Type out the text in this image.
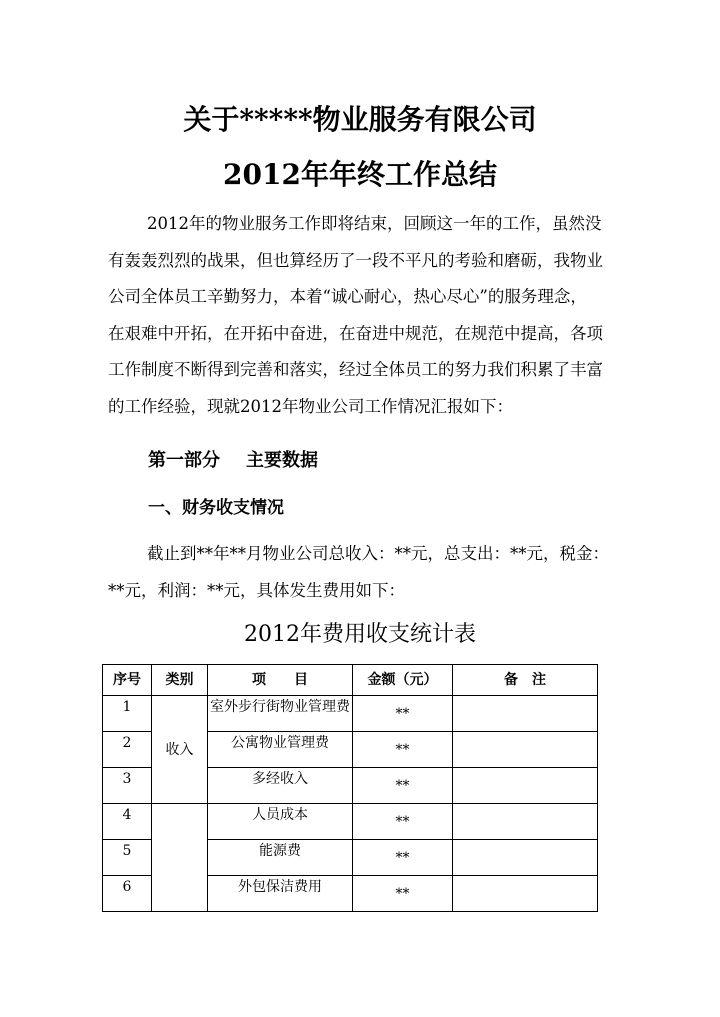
关于*****物业服务有限公司
2012年年终工作总结
2012年的物业服务工作即将结束，回顾这一年的工作，虽然没
有轰轰烈烈的战果，但也算经历了一段不平凡的考验和磨砺，我物业
公司全体员工辛勤努力，本着“诚心耐心，热心尽心”的服务理念，
在艰难中开拓，在开拓中奋进，在奋进中规范，在规范中提高，各项
工作制度不断得到完善和落实，经过全体员工的努力我们积累了丰富
的工作经验，现就2012年物业公司工作情况汇报如下：
第一部分 主要数据
一、财务收支情况
截止到**年**月物业公司总收入：**元，总支出：**元，税金：
**元，利润：**元，具体发生费用如下：
2012年费用收支统计表
序号	类别	项　　目	金额（元）	备　注
1	收入	室外步行街物业管理费	**	
2		公寓物业管理费	**	
3		多经收入	**	
4		人员成本	**	
5		能源费	**	
6		外包保洁费用	**	
